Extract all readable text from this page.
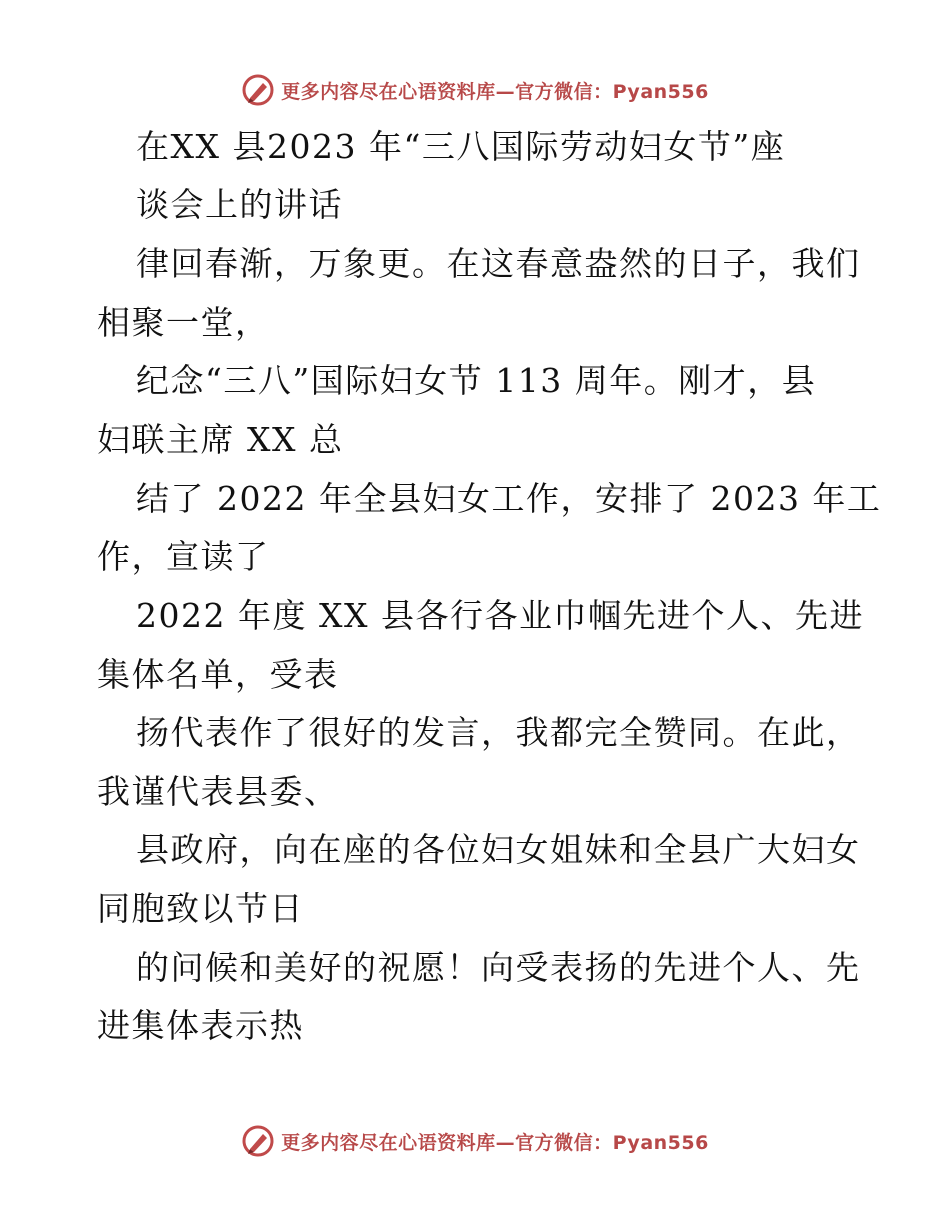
更多内容尽在心语资料库—官方微信：Pyan556
在XX 县2023 年“三八国际劳动妇女节”座
谈会上的讲话
律回春渐，万象更。在这春意盎然的日子，我们
相聚一堂，
纪念“三八”国际妇女节 113 周年。刚才，县
妇联主席 XX 总
结了 2022 年全县妇女工作，安排了 2023 年工
作，宣读了
2022 年度 XX 县各行各业巾帼先进个人、先进
集体名单，受表
扬代表作了很好的发言，我都完全赞同。在此，
我谨代表县委、
县政府，向在座的各位妇女姐妹和全县广大妇女
同胞致以节日
的问候和美好的祝愿！向受表扬的先进个人、先
进集体表示热
更多内容尽在心语资料库—官方微信：Pyan556
